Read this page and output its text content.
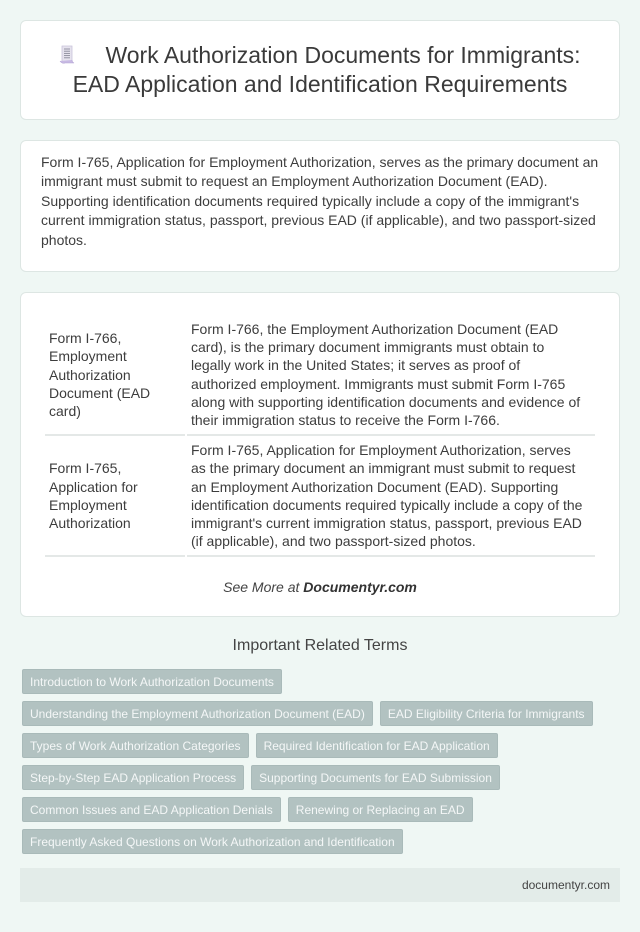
Work Authorization Documents for Immigrants: EAD Application and Identification Requirements

Form I-765, Application for Employment Authorization, serves as the primary document an immigrant must submit to request an Employment Authorization Document (EAD). Supporting identification documents required typically include a copy of the immigrant's current immigration status, passport, previous EAD (if applicable), and two passport-sized photos.

Form I-766, Employment Authorization Document (EAD card)	Form I-766, the Employment Authorization Document (EAD card), is the primary document immigrants must obtain to legally work in the United States; it serves as proof of authorized employment. Immigrants must submit Form I-765 along with supporting identification documents and evidence of their immigration status to receive the Form I-766.
Form I-765, Application for Employment Authorization	Form I-765, Application for Employment Authorization, serves as the primary document an immigrant must submit to request an Employment Authorization Document (EAD). Supporting identification documents required typically include a copy of the immigrant's current immigration status, passport, previous EAD (if applicable), and two passport-sized photos.
See More at Documentyr.com
Important Related Terms
Introduction to Work Authorization Documents
Understanding the Employment Authorization Document (EAD)	EAD Eligibility Criteria for Immigrants
Types of Work Authorization Categories	Required Identification for EAD Application
Step-by-Step EAD Application Process	Supporting Documents for EAD Submission
Common Issues and EAD Application Denials	Renewing or Replacing an EAD
Frequently Asked Questions on Work Authorization and Identification
documentyr.com
